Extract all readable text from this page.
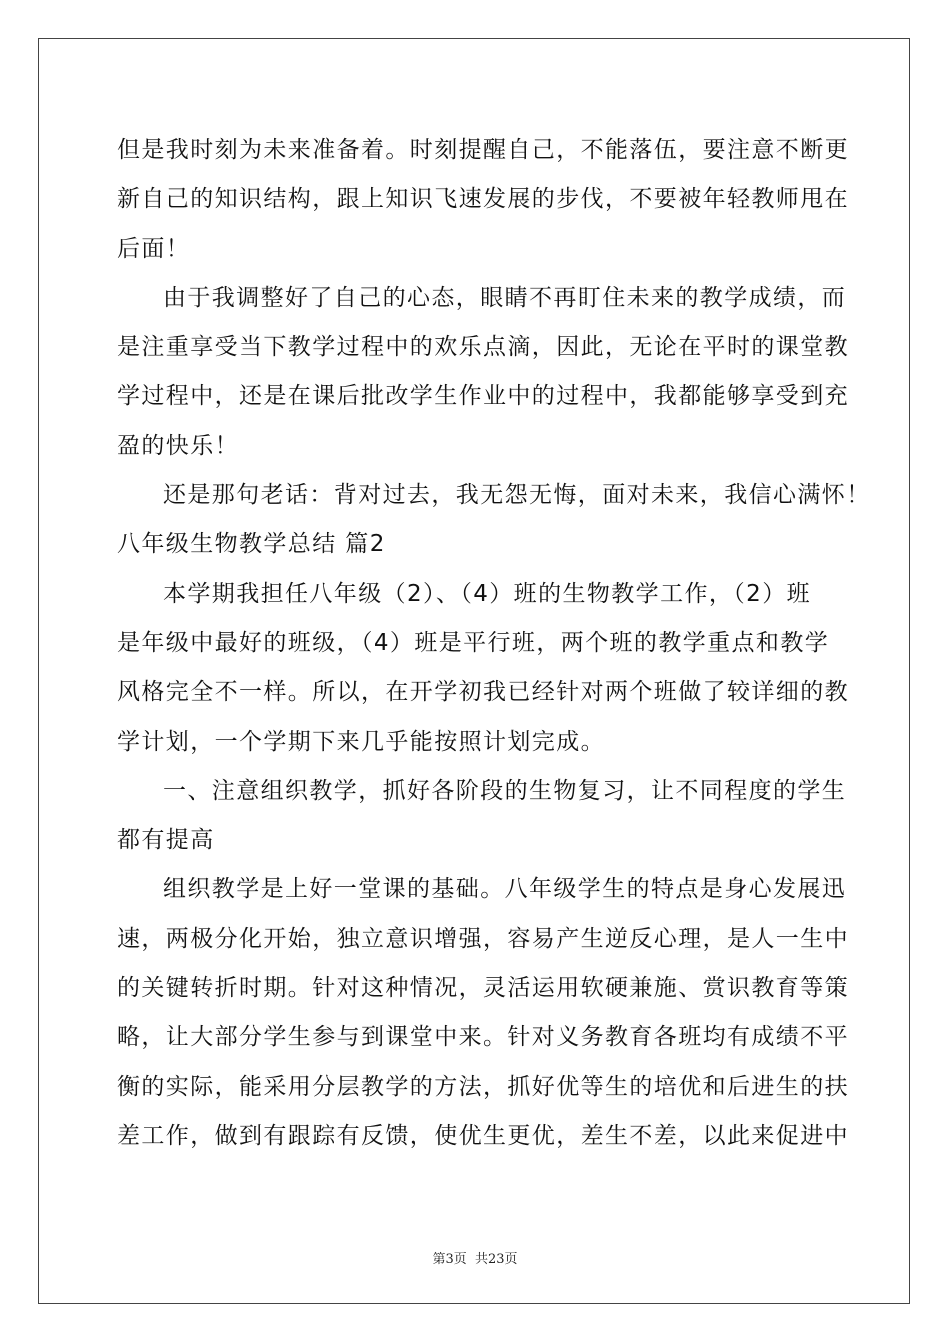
但是我时刻为未来准备着。时刻提醒自己，不能落伍，要注意不断更
新自己的知识结构，跟上知识飞速发展的步伐，不要被年轻教师甩在
后面！
由于我调整好了自己的心态，眼睛不再盯住未来的教学成绩，而
是注重享受当下教学过程中的欢乐点滴，因此，无论在平时的课堂教
学过程中，还是在课后批改学生作业中的过程中，我都能够享受到充
盈的快乐！
还是那句老话：背对过去，我无怨无悔，面对未来，我信心满怀！
八年级生物教学总结 篇2
本学期我担任八年级（2）、（4）班的生物教学工作，（2）班
是年级中最好的班级，（4）班是平行班，两个班的教学重点和教学
风格完全不一样。所以，在开学初我已经针对两个班做了较详细的教
学计划，一个学期下来几乎能按照计划完成。
一、注意组织教学，抓好各阶段的生物复习，让不同程度的学生
都有提高
组织教学是上好一堂课的基础。八年级学生的特点是身心发展迅
速，两极分化开始，独立意识增强，容易产生逆反心理，是人一生中
的关键转折时期。针对这种情况，灵活运用软硬兼施、赏识教育等策
略，让大部分学生参与到课堂中来。针对义务教育各班均有成绩不平
衡的实际，能采用分层教学的方法，抓好优等生的培优和后进生的扶
差工作，做到有跟踪有反馈，使优生更优，差生不差，以此来促进中
第3页 共23页
